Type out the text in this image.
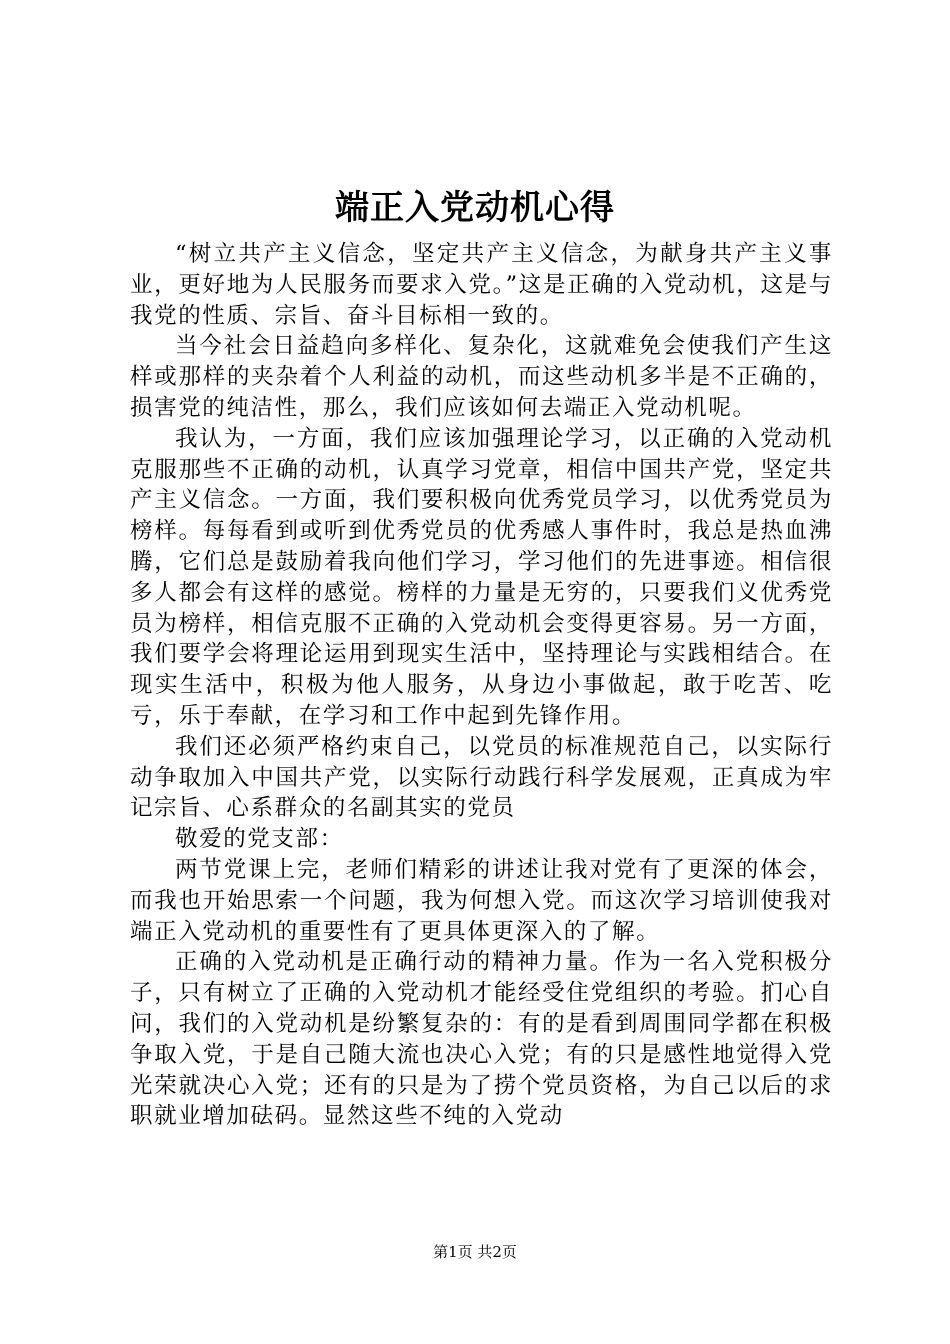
端正入党动机心得

“树立共产主义信念，坚定共产主义信念，为献身共产主义事业，更好地为人民服务而要求入党。”这是正确的入党动机，这是与我党的性质、宗旨、奋斗目标相一致的。

当今社会日益趋向多样化、复杂化，这就难免会使我们产生这样或那样的夹杂着个人利益的动机，而这些动机多半是不正确的，损害党的纯洁性，那么，我们应该如何去端正入党动机呢。

我认为，一方面，我们应该加强理论学习，以正确的入党动机克服那些不正确的动机，认真学习党章，相信中国共产党，坚定共产主义信念。一方面，我们要积极向优秀党员学习，以优秀党员为榜样。每每看到或听到优秀党员的优秀感人事件时，我总是热血沸腾，它们总是鼓励着我向他们学习，学习他们的先进事迹。相信很多人都会有这样的感觉。榜样的力量是无穷的，只要我们义优秀党员为榜样，相信克服不正确的入党动机会变得更容易。另一方面，我们要学会将理论运用到现实生活中，坚持理论与实践相结合。在现实生活中，积极为他人服务，从身边小事做起，敢于吃苦、吃亏，乐于奉献，在学习和工作中起到先锋作用。

我们还必须严格约束自己，以党员的标准规范自己，以实际行动争取加入中国共产党，以实际行动践行科学发展观，正真成为牢记宗旨、心系群众的名副其实的党员

敬爱的党支部：

两节党课上完，老师们精彩的讲述让我对党有了更深的体会，而我也开始思索一个问题，我为何想入党。而这次学习培训使我对端正入党动机的重要性有了更具体更深入的了解。

正确的入党动机是正确行动的精神力量。作为一名入党积极分子，只有树立了正确的入党动机才能经受住党组织的考验。扪心自问，我们的入党动机是纷繁复杂的：有的是看到周围同学都在积极争取入党，于是自己随大流也决心入党；有的只是感性地觉得入党光荣就决心入党；还有的只是为了捞个党员资格，为自己以后的求职就业增加砝码。显然这些不纯的入党动

第1页 共2页
